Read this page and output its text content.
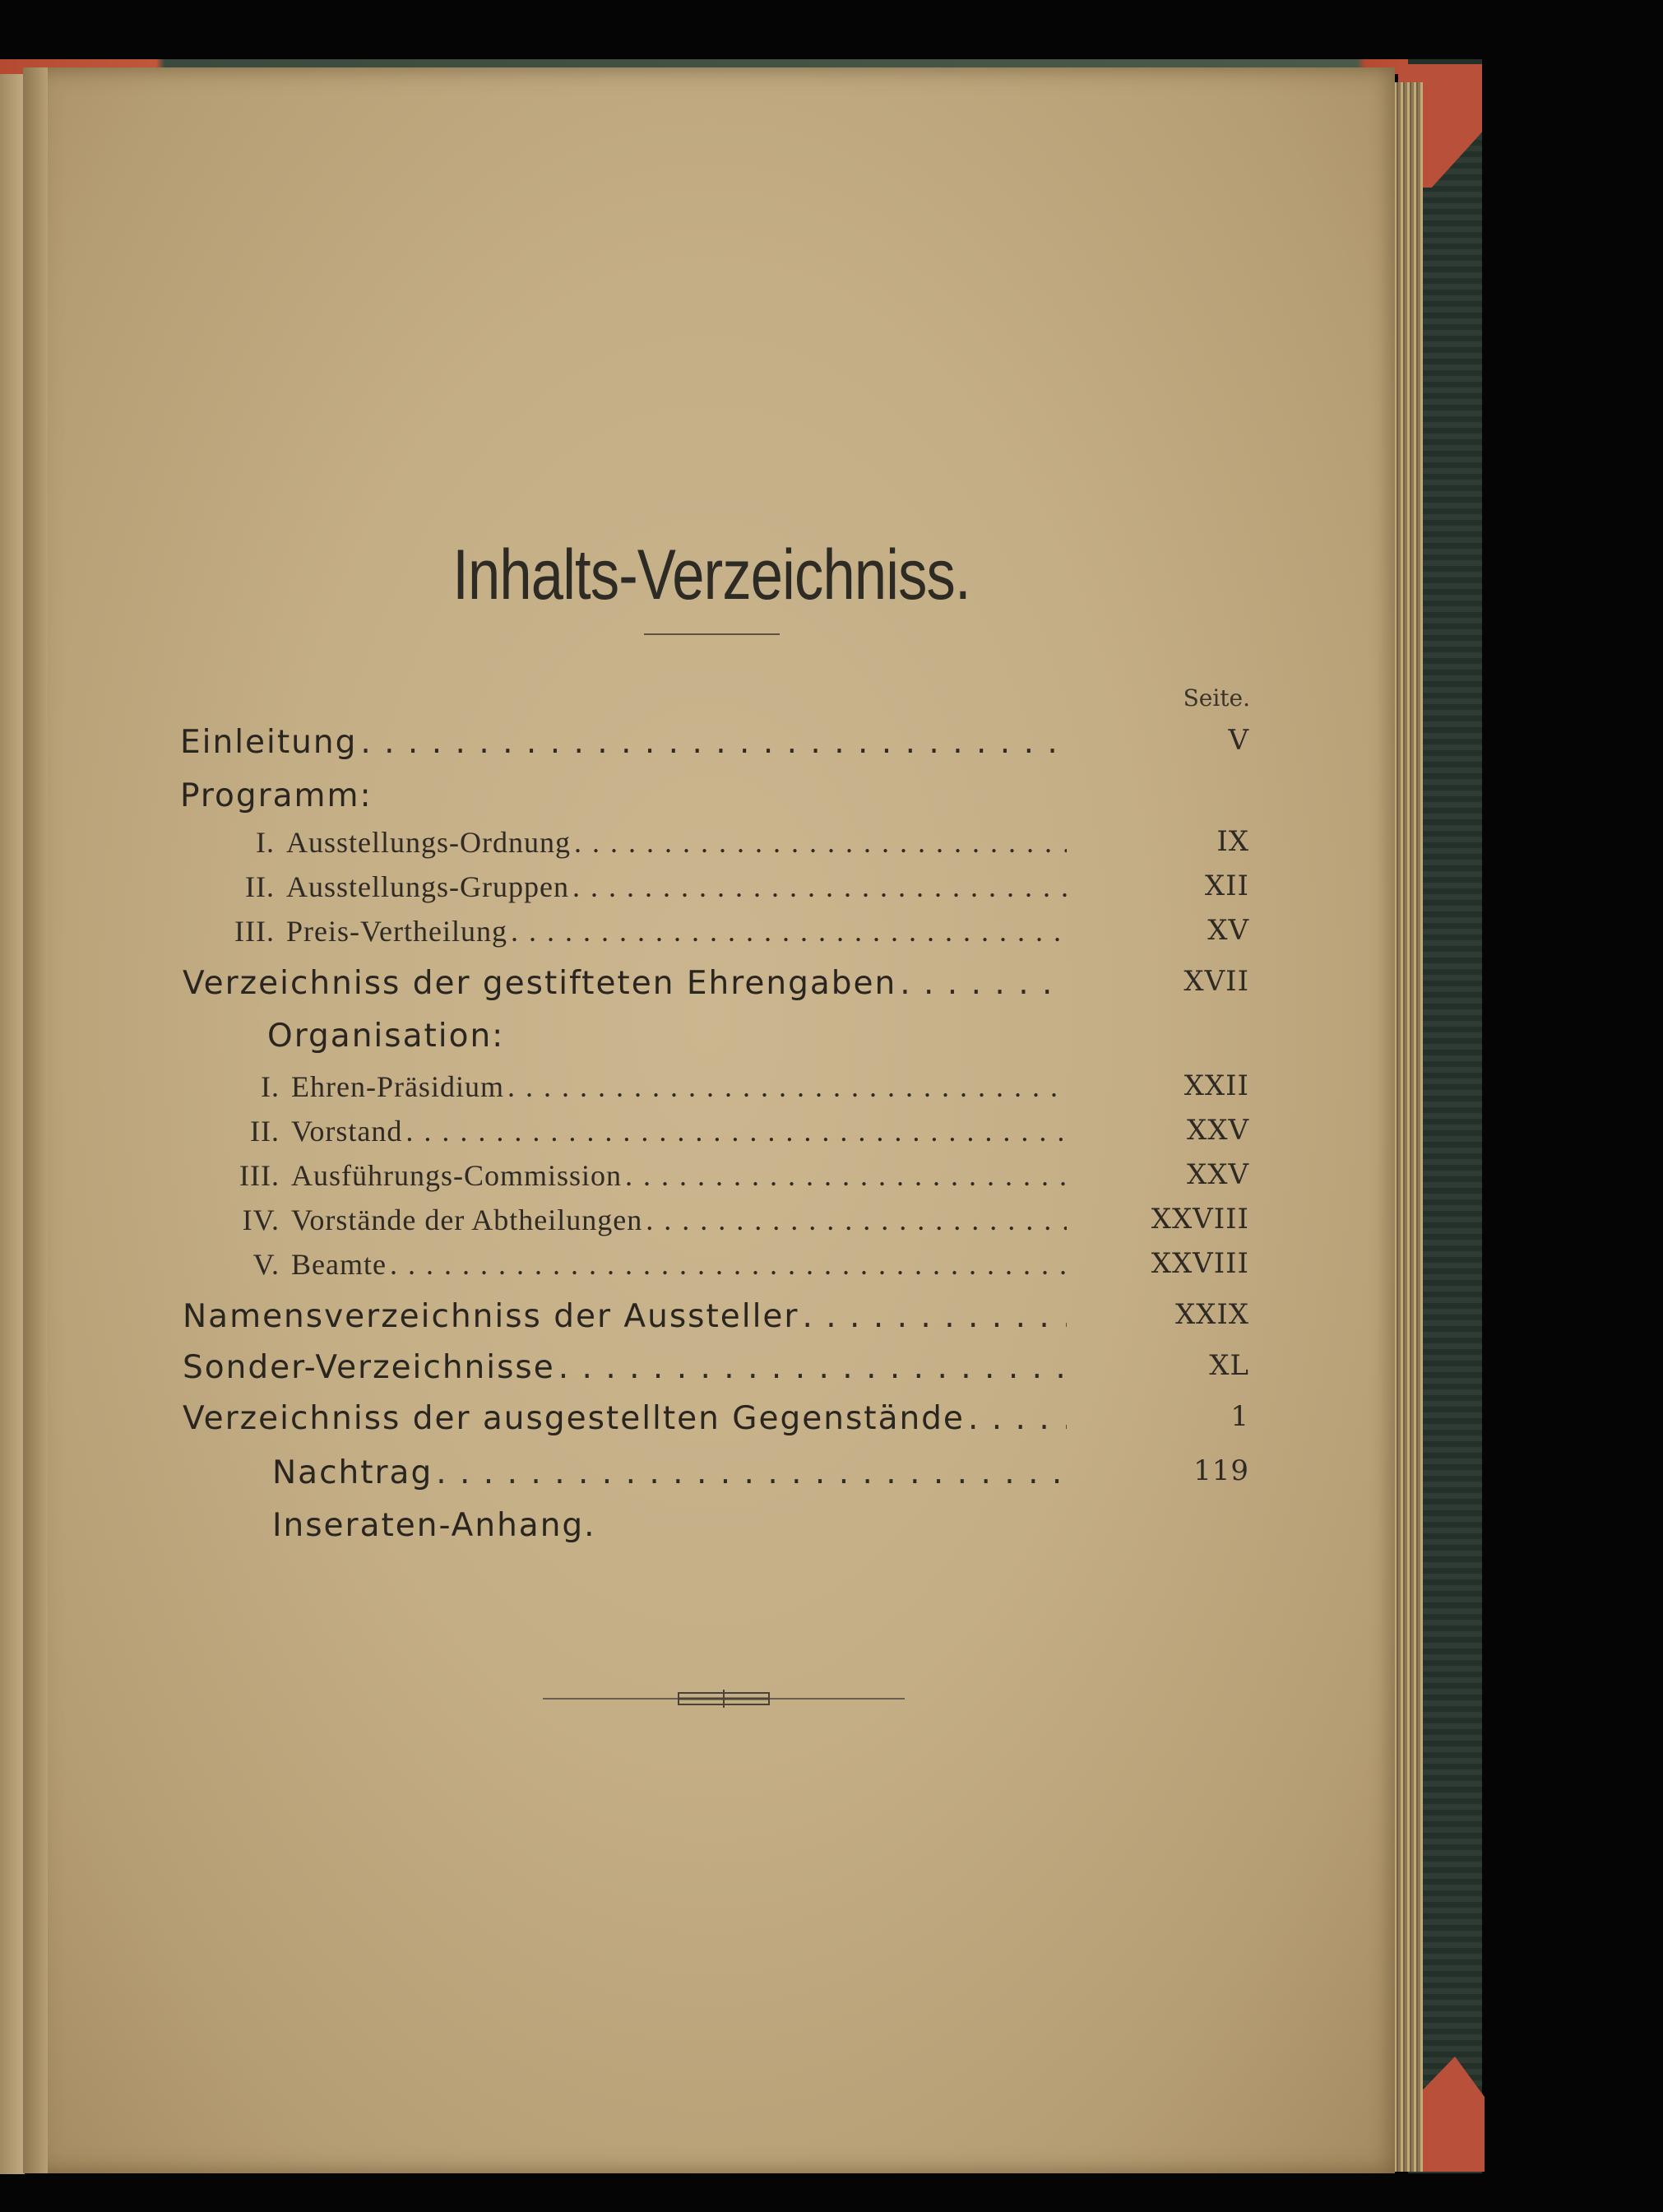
Inhalts-Verzeichniss.
Seite.
Einleitung . . .	V
Programm:
I. Ausstellungs-Ordnung . . .	IX
II. Ausstellungs-Gruppen . . .	XII
III. Preis-Vertheilung . . .	XV
Verzeichniss der gestifteten Ehrengaben . . .	XVII
Organisation:
I. Ehren-Präsidium . . .	XXII
II. Vorstand . . .	XXV
III. Ausführungs-Commission . . .	XXV
IV. Vorstände der Abtheilungen . . .	XXVIII
V. Beamte . . .	XXVIII
Namensverzeichniss der Aussteller . . .	XXIX
Sonder-Verzeichnisse . . .	XL
Verzeichniss der ausgestellten Gegenstände . . .	1
Nachtrag . . .	119
Inseraten-Anhang.
